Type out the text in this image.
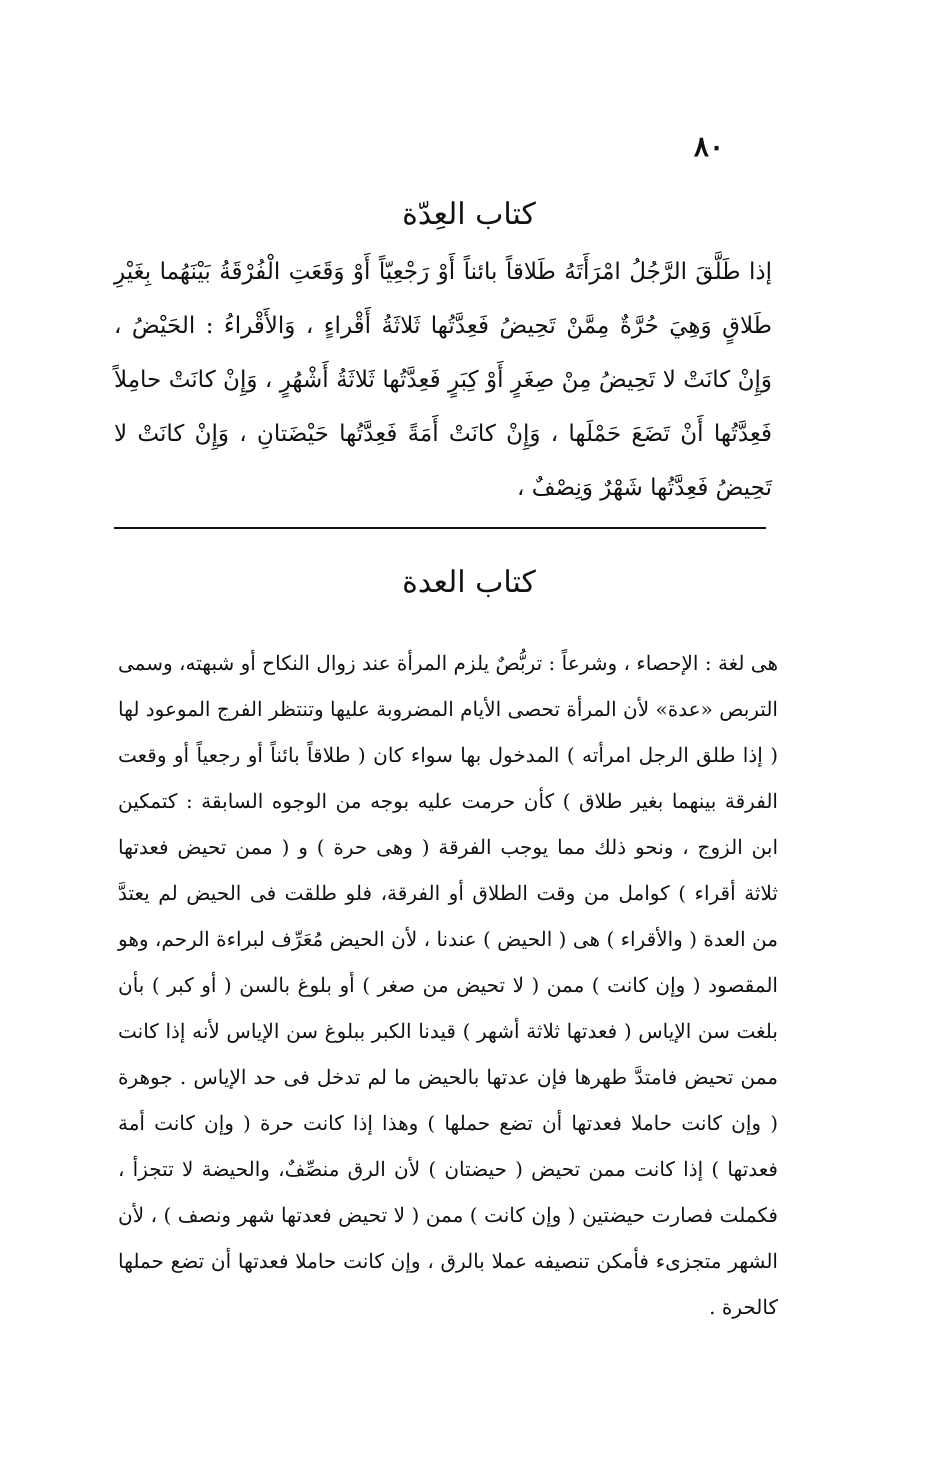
٨٠
كتاب العِدّة
إذا طَلَّقَ الرَّجُلُ امْرَأَتَهُ طَلاقاً بائناً أَوْ رَجْعِيّاً أَوْ وَقَعَتِ الْفُرْقَةُ بَيْنَهُما بِغَيْرِ طَلاقٍ وَهِيَ حُرَّةٌ مِمَّنْ تَحِيضُ فَعِدَّتُها ثَلاثَةُ أَقْراءٍ ، وَالأَقْراءُ : الحَيْضُ ، وَإِنْ كانَتْ لا تَحِيضُ مِنْ صِغَرٍ أَوْ كِبَرٍ فَعِدَّتُها ثَلاثَةُ أَشْهُرٍ ، وَإِنْ كانَتْ حامِلاً فَعِدَّتُها أَنْ تَضَعَ حَمْلَها ، وَإِنْ كانَتْ أَمَةً فَعِدَّتُها حَيْضَتانِ ، وَإِنْ كانَتْ لا تَحِيضُ فَعِدَّتُها شَهْرٌ وَنِصْفٌ ،
كتاب العدة
هى لغة : الإحصاء ، وشرعاً : تربُّصٌ يلزم المرأة عند زوال النكاح أو شبهته، وسمى التربص «عدة» لأن المرأة تحصى الأيام المضروبة عليها وتنتظر الفرج الموعود لها ( إذا طلق الرجل امرأته ) المدخول بها سواء كان ( طلاقاً بائناً أو رجعياً أو وقعت الفرقة بينهما بغير طلاق ) كأن حرمت عليه بوجه من الوجوه السابقة : كتمكين ابن الزوج ، ونحو ذلك مما يوجب الفرقة ( وهى حرة ) و ( ممن تحيض فعدتها ثلاثة أقراء ) كوامل من وقت الطلاق أو الفرقة، فلو طلقت فى الحيض لم يعتدَّ من العدة ( والأقراء ) هى ( الحيض ) عندنا ، لأن الحيض مُعَرِّف لبراءة الرحم، وهو المقصود ( وإن كانت ) ممن ( لا تحيض من صغر ) أو بلوغ بالسن ( أو كبر ) بأن بلغت سن الإياس ( فعدتها ثلاثة أشهر ) قيدنا الكبر ببلوغ سن الإياس لأنه إذا كانت ممن تحيض فامتدَّ طهرها فإن عدتها بالحيض ما لم تدخل فى حد الإياس . جوهرة ( وإن كانت حاملا فعدتها أن تضع حملها ) وهذا إذا كانت حرة ( وإن كانت أمة فعدتها ) إذا كانت ممن تحيض ( حيضتان ) لأن الرق منصِّفٌ، والحيضة لا تتجزأ ، فكملت فصارت حيضتين ( وإن كانت ) ممن ( لا تحيض فعدتها شهر ونصف ) ، لأن الشهر متجزىء فأمكن تنصيفه عملا بالرق ، وإن كانت حاملا فعدتها أن تضع حملها كالحرة .
